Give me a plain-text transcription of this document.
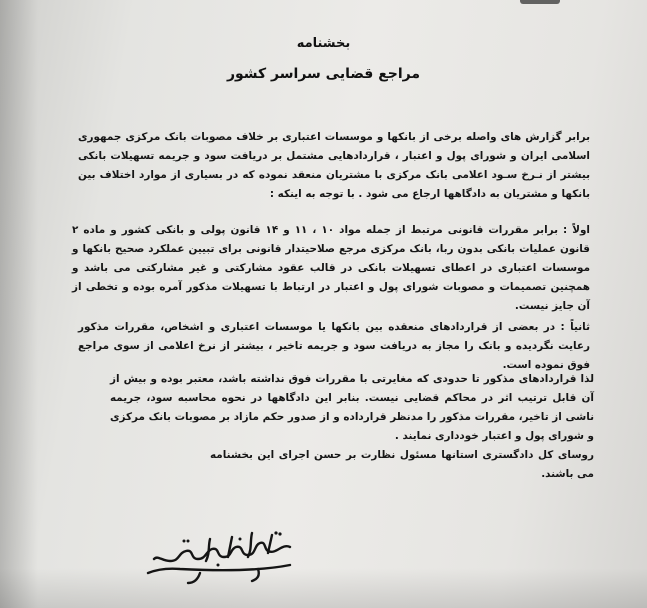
بخشنامه
مراجع قضایی سراسر کشور
برابر گزارش های واصله برخی از بانکها و موسسات اعتباری بر خلاف مصوبات بانک مرکزی جمهوری اسلامی ایران و شورای پول و اعتبار ، قراردادهایی مشتمل بر دریافت سود و جریمه تسهیلات بانکی بیشتر از نـرخ سـود اعلامی بانک مرکزی با مشتریان منعقد نموده که در بسیاری از موارد اختلاف بین بانکها و مشتریان به دادگاهها ارجاع می شود . با توجه به اینکه :
اولاً : برابر مقررات قانونی مرتبط از جمله مواد ۱۰ ، ۱۱ و ۱۴ قانون پولی و بانکی کشور و ماده ۲ قانون عملیات بانکی بدون ربا، بانک مرکزی مرجع صلاحیتدار قانونی برای تبیین عملکرد صحیح بانکها و موسسات اعتباری در اعطای تسهیلات بانکی در قالب عقود مشارکتی و غیر مشارکتی می باشد و همچنین تصمیمات و مصوبات شورای پول و اعتبار در ارتباط با تسهیلات مذکور آمره بوده و تخطی از آن جایز نیست.
ثانیاً : در بعضی از قراردادهای منعقده بین بانکها یا موسسات اعتباری و اشخاص، مقررات مذکور رعایت نگردیده و بانک را مجاز به دریافت سود و جریمه تاخیر ، بیشتر از نرخ اعلامی از سوی مراجع فوق نموده است.
لذا قراردادهای مذکور تا حدودی که مغایرتی با مقررات فوق نداشته باشد، معتبر بوده و بیش از آن قابل ترتیب اثر در محاکم قضایی نیست. بنابر این دادگاهها در نحوه محاسبه سود، جریمه ناشی از تاخیر، مقررات مذکور را مدنظر قرارداده و از صدور حکم مازاد بر مصوبات بانک مرکزی و شورای پول و اعتبار خودداری نمایند .
روسای کل دادگستری استانها مسئول نظارت بر حسن اجرای این بخشنامه می باشند.
